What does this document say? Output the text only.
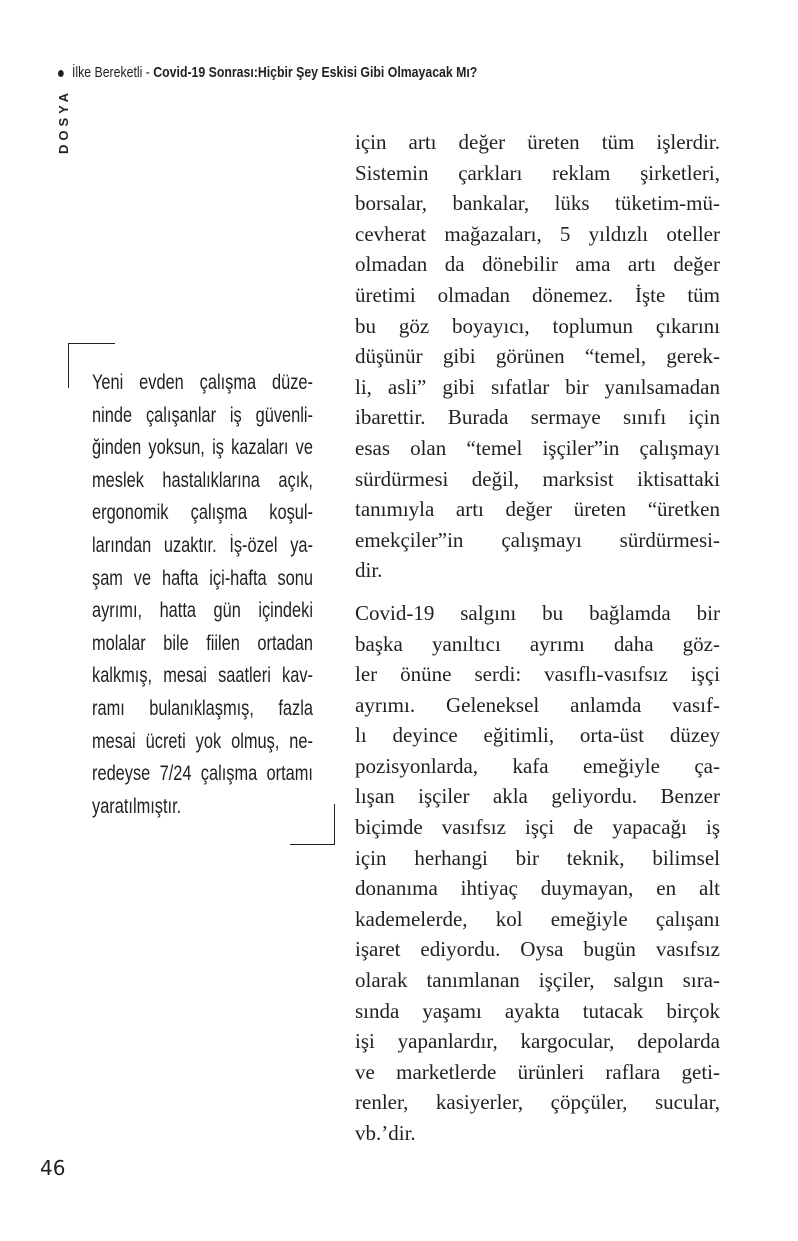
İlke Bereketli - Covid-19 Sonrası:Hiçbir Şey Eskisi Gibi Olmayacak Mı?
DOSYA
Yeni evden çalışma düze-
ninde çalışanlar iş güvenli-
ğinden yoksun, iş kazaları ve
meslek hastalıklarına açık,
ergonomik çalışma koşul-
larından uzaktır. İş-özel ya-
şam ve hafta içi-hafta sonu
ayrımı, hatta gün içindeki
molalar bile fiilen ortadan
kalkmış, mesai saatleri kav-
ramı bulanıklaşmış, fazla
mesai ücreti yok olmuş, ne-
redeyse 7/24 çalışma ortamı
yaratılmıştır.
için artı değer üreten tüm işlerdir.
Sistemin çarkları reklam şirketleri,
borsalar, bankalar, lüks tüketim-mü-
cevherat mağazaları, 5 yıldızlı oteller
olmadan da dönebilir ama artı değer
üretimi olmadan dönemez. İşte tüm
bu göz boyayıcı, toplumun çıkarını
düşünür gibi görünen “temel, gerek-
li, asli” gibi sıfatlar bir yanılsamadan
ibarettir. Burada sermaye sınıfı için
esas olan “temel işçiler”in çalışmayı
sürdürmesi değil, marksist iktisattaki
tanımıyla artı değer üreten “üretken
emekçiler”in çalışmayı sürdürmesi-
dir.
Covid-19 salgını bu bağlamda bir
başka yanıltıcı ayrımı daha göz-
ler önüne serdi: vasıflı-vasıfsız işçi
ayrımı. Geleneksel anlamda vasıf-
lı deyince eğitimli, orta-üst düzey
pozisyonlarda, kafa emeğiyle ça-
lışan işçiler akla geliyordu. Benzer
biçimde vasıfsız işçi de yapacağı iş
için herhangi bir teknik, bilimsel
donanıma ihtiyaç duymayan, en alt
kademelerde, kol emeğiyle çalışanı
işaret ediyordu. Oysa bugün vasıfsız
olarak tanımlanan işçiler, salgın sıra-
sında yaşamı ayakta tutacak birçok
işi yapanlardır, kargocular, depolarda
ve marketlerde ürünleri raflara geti-
renler, kasiyerler, çöpçüler, sucular,
vb.’dir.
46
